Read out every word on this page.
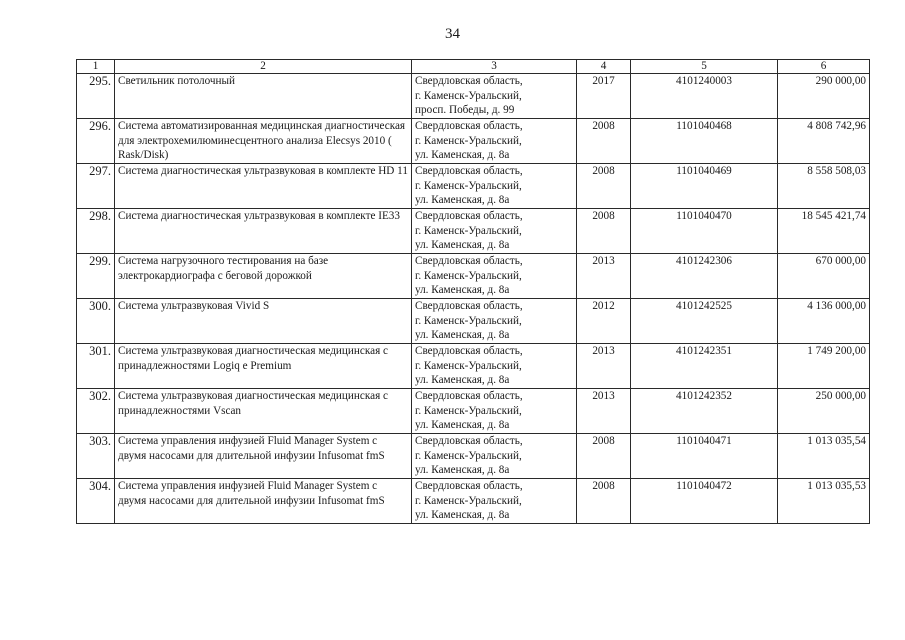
34
1	2	3	4	5	6
295.	Светильник потолочный	Свердловская область,
г. Каменск-Уральский,
просп. Победы, д. 99	2017	4101240003	290 000,00
296.	Система автоматизированная медицинская диагностическая для электрохемилюминесцентного анализа Elecsys 2010 ( Rask/Disk)	Свердловская область,
г. Каменск-Уральский,
ул. Каменская, д. 8а	2008	1101040468	4 808 742,96
297.	Система диагностическая ультразвуковая в комплекте HD 11	Свердловская область,
г. Каменск-Уральский,
ул. Каменская, д. 8а	2008	1101040469	8 558 508,03
298.	Система диагностическая ультразвуковая в комплекте IE33	Свердловская область,
г. Каменск-Уральский,
ул. Каменская, д. 8а	2008	1101040470	18 545 421,74
299.	Система нагрузочного тестирования на базе электрокардиографа с беговой дорожкой	Свердловская область,
г. Каменск-Уральский,
ул. Каменская, д. 8а	2013	4101242306	670 000,00
300.	Система ультразвуковая Vivid S	Свердловская область,
г. Каменск-Уральский,
ул. Каменская, д. 8а	2012	4101242525	4 136 000,00
301.	Система ультразвуковая диагностическая медицинская с принадлежностями Logiq e Premium	Свердловская область,
г. Каменск-Уральский,
ул. Каменская, д. 8а	2013	4101242351	1 749 200,00
302.	Система ультразвуковая диагностическая медицинская с принадлежностями Vscan	Свердловская область,
г. Каменск-Уральский,
ул. Каменская, д. 8а	2013	4101242352	250 000,00
303.	Система управления инфузией Fluid Manager System с двумя насосами для длительной инфузии Infusomat fmS	Свердловская область,
г. Каменск-Уральский,
ул. Каменская, д. 8а	2008	1101040471	1 013 035,54
304.	Система управления инфузией Fluid Manager System с двумя насосами для длительной инфузии Infusomat fmS	Свердловская область,
г. Каменск-Уральский,
ул. Каменская, д. 8а	2008	1101040472	1 013 035,53
